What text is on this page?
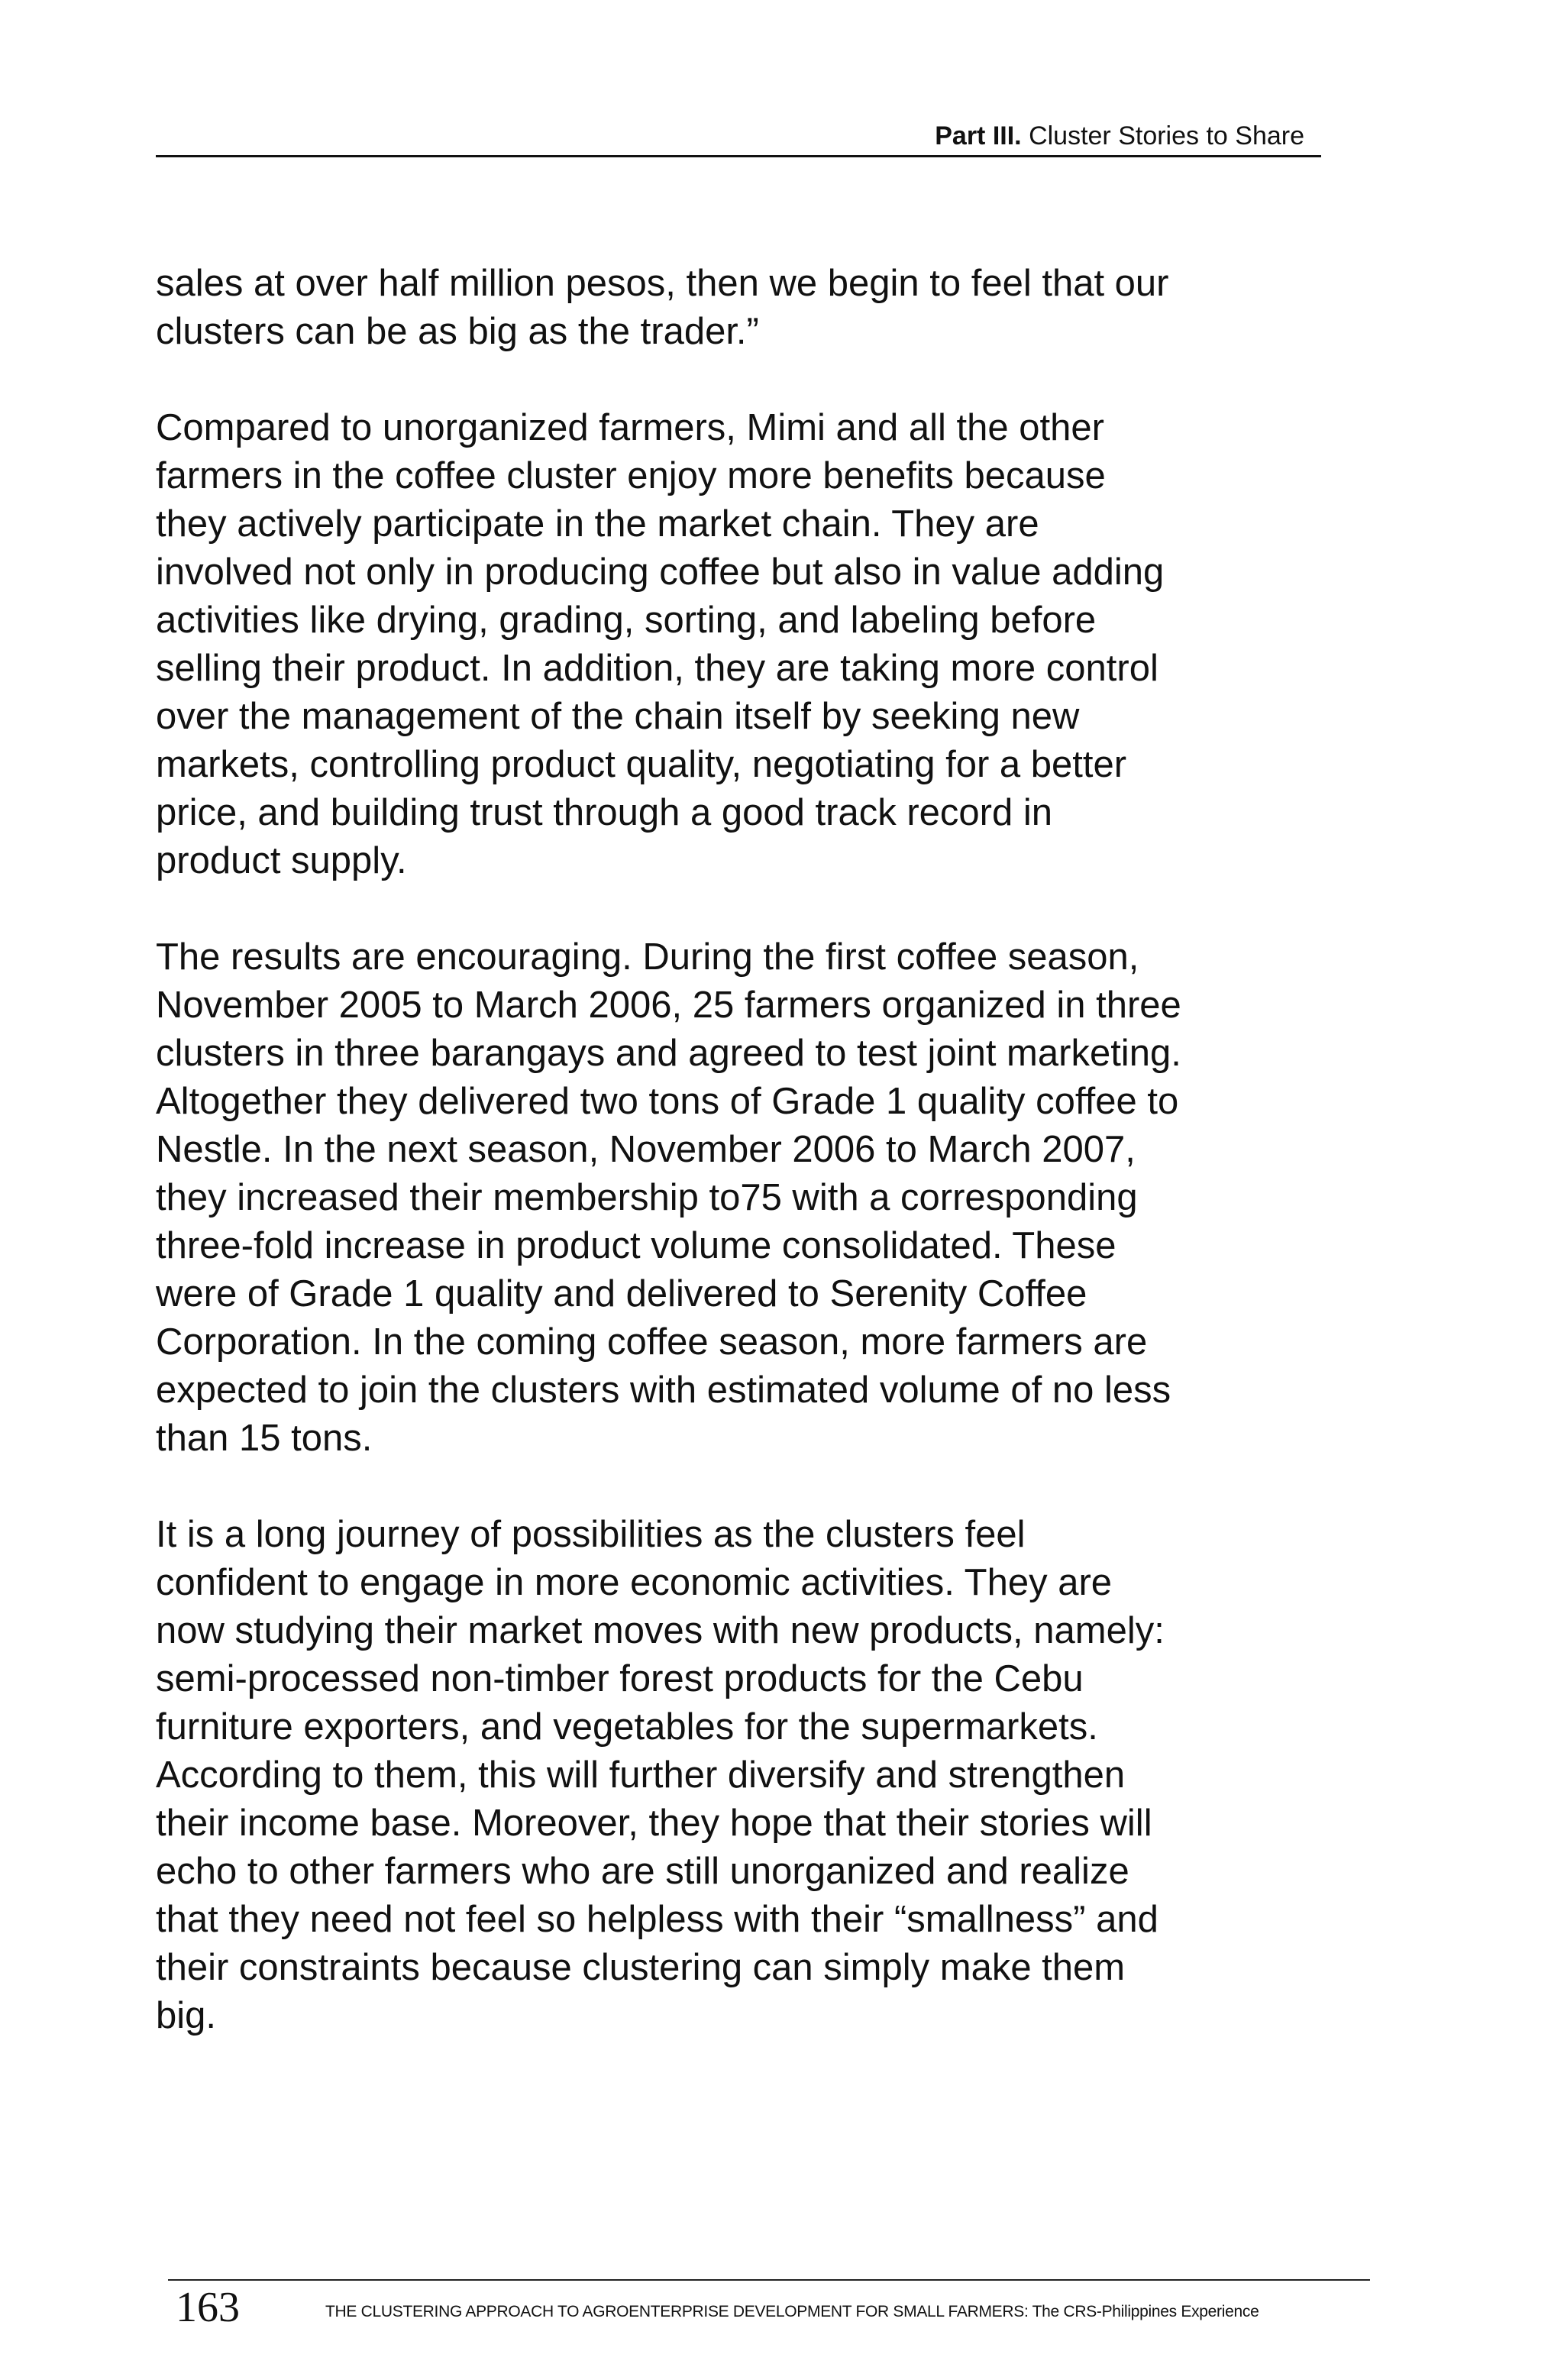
Part III. Cluster Stories to Share

sales at over half million pesos, then we begin to feel that our
clusters can be as big as the trader.”

Compared to unorganized farmers, Mimi and all the other
farmers in the coffee cluster enjoy more benefits because
they actively participate in the market chain. They are
involved not only in producing coffee but also in value adding
activities like drying, grading, sorting, and labeling before
selling their product. In addition, they are taking more control
over the management of the chain itself by seeking new
markets, controlling product quality, negotiating for a better
price, and building trust through a good track record in
product supply.

The results are encouraging. During the first coffee season,
November 2005 to March 2006, 25 farmers organized in three
clusters in three barangays and agreed to test joint marketing.
Altogether they delivered two tons of Grade 1 quality coffee to
Nestle. In the next season, November 2006 to March 2007,
they increased their membership to75 with a corresponding
three-fold increase in product volume consolidated. These
were of Grade 1 quality and delivered to Serenity Coffee
Corporation. In the coming coffee season, more farmers are
expected to join the clusters with estimated volume of no less
than 15 tons.

It is a long journey of possibilities as the clusters feel
confident to engage in more economic activities. They are
now studying their market moves with new products, namely:
semi-processed non-timber forest products for the Cebu
furniture exporters, and vegetables for the supermarkets.
According to them, this will further diversify and strengthen
their income base. Moreover, they hope that their stories will
echo to other farmers who are still unorganized and realize
that they need not feel so helpless with their “smallness” and
their constraints because clustering can simply make them
big.

163	THE CLUSTERING APPROACH TO AGROENTERPRISE DEVELOPMENT FOR SMALL FARMERS: The CRS-Philippines Experience
